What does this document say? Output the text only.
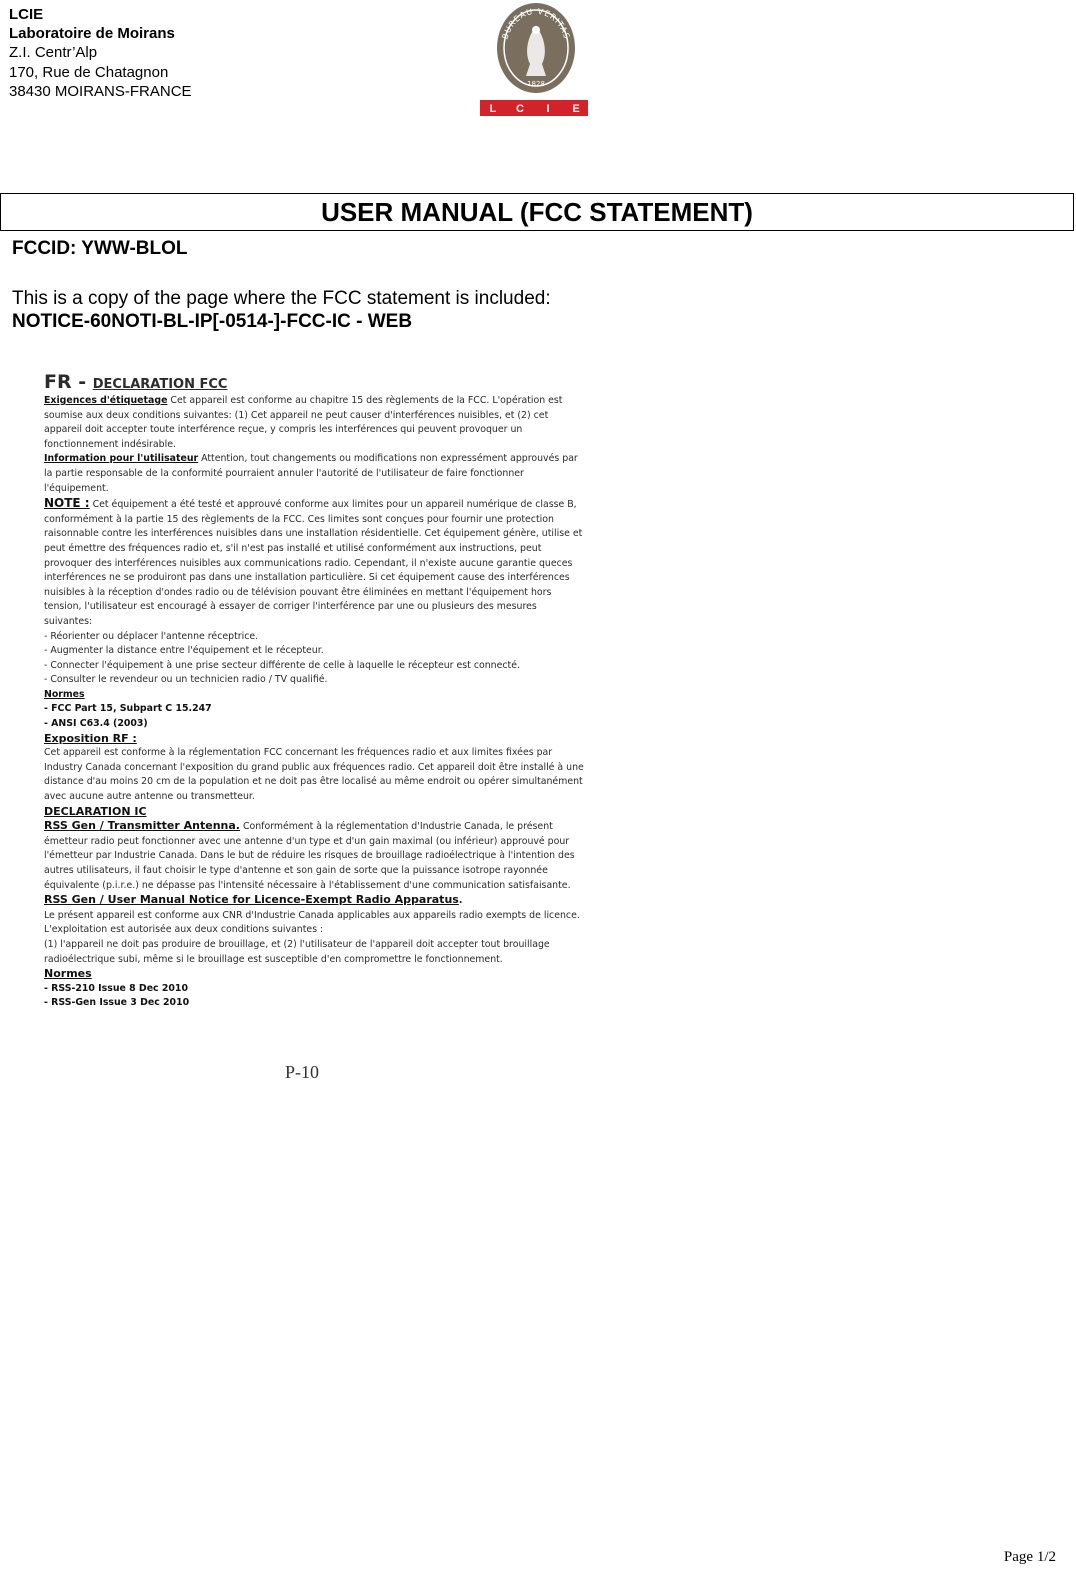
LCIE
Laboratoire de Moirans
Z.I. Centr’Alp
170, Rue de Chatagnon
38430 MOIRANS-FRANCE
BUREAU VERITAS
1828
L C I E
USER MANUAL (FCC STATEMENT)
FCCID: YWW-BLOL
This is a copy of the page where the FCC statement is included:
NOTICE-60NOTI-BL-IP[-0514-]-FCC-IC - WEB

FR - DECLARATION FCC

Exigences d'étiquetage Cet appareil est conforme au chapitre 15 des règlements de la FCC. L'opération est soumise aux deux conditions suivantes: (1) Cet appareil ne peut causer d'interférences nuisibles, et (2) cet appareil doit accepter toute interférence reçue, y compris les interférences qui peuvent provoquer un fonctionnement indésirable.

Information pour l'utilisateur Attention, tout changements ou modifications non expressément approuvés par la partie responsable de la conformité pourraient annuler l'autorité de l'utilisateur de faire fonctionner l'équipement.

NOTE : Cet équipement a été testé et approuvé conforme aux limites pour un appareil numérique de classe B, conformément à la partie 15 des règlements de la FCC. Ces limites sont conçues pour fournir une protection raisonnable contre les interférences nuisibles dans une installation résidentielle. Cet équipement génère, utilise et peut émettre des fréquences radio et, s'il n'est pas installé et utilisé conformément aux instructions, peut provoquer des interférences nuisibles aux communications radio. Cependant, il n'existe aucune garantie queces interférences ne se produiront pas dans une installation particulière. Si cet équipement cause des interférences nuisibles à la réception d'ondes radio ou de télévision pouvant être éliminées en mettant l'équipement hors tension, l'utilisateur est encouragé à essayer de corriger l'interférence par une ou plusieurs des mesures suivantes:

- Réorienter ou déplacer l'antenne réceptrice.

- Augmenter la distance entre l'équipement et le récepteur.

- Connecter l'équipement à une prise secteur différente de celle à laquelle le récepteur est connecté.

- Consulter le revendeur ou un technicien radio / TV qualifié.

Normes

- FCC Part 15, Subpart C 15.247

- ANSI C63.4 (2003)

Exposition RF :

Cet appareil est conforme à la réglementation FCC concernant les fréquences radio et aux limites fixées par Industry Canada concernant l'exposition du grand public aux fréquences radio. Cet appareil doit être installé à une distance d'au moins 20 cm de la population et ne doit pas être localisé au même endroit ou opérer simultanément avec aucune autre antenne ou transmetteur.

DECLARATION IC

RSS Gen / Transmitter Antenna. Conformément à la réglementation d'Industrie Canada, le présent émetteur radio peut fonctionner avec une antenne d'un type et d'un gain maximal (ou inférieur) approuvé pour l'émetteur par Industrie Canada. Dans le but de réduire les risques de brouillage radioélectrique à l'intention des autres utilisateurs, il faut choisir le type d'antenne et son gain de sorte que la puissance isotrope rayonnée équivalente (p.i.r.e.) ne dépasse pas l'intensité nécessaire à l'établissement d'une communication satisfaisante.

RSS Gen / User Manual Notice for Licence-Exempt Radio Apparatus.

Le présent appareil est conforme aux CNR d'Industrie Canada applicables aux appareils radio exempts de licence. L'exploitation est autorisée aux deux conditions suivantes :

(1) l'appareil ne doit pas produire de brouillage, et (2) l'utilisateur de l'appareil doit accepter tout brouillage radioélectrique subi, même si le brouillage est susceptible d'en compromettre le fonctionnement.

Normes

- RSS-210 Issue 8 Dec 2010

- RSS-Gen Issue 3 Dec 2010

P-10
Page 1/2
